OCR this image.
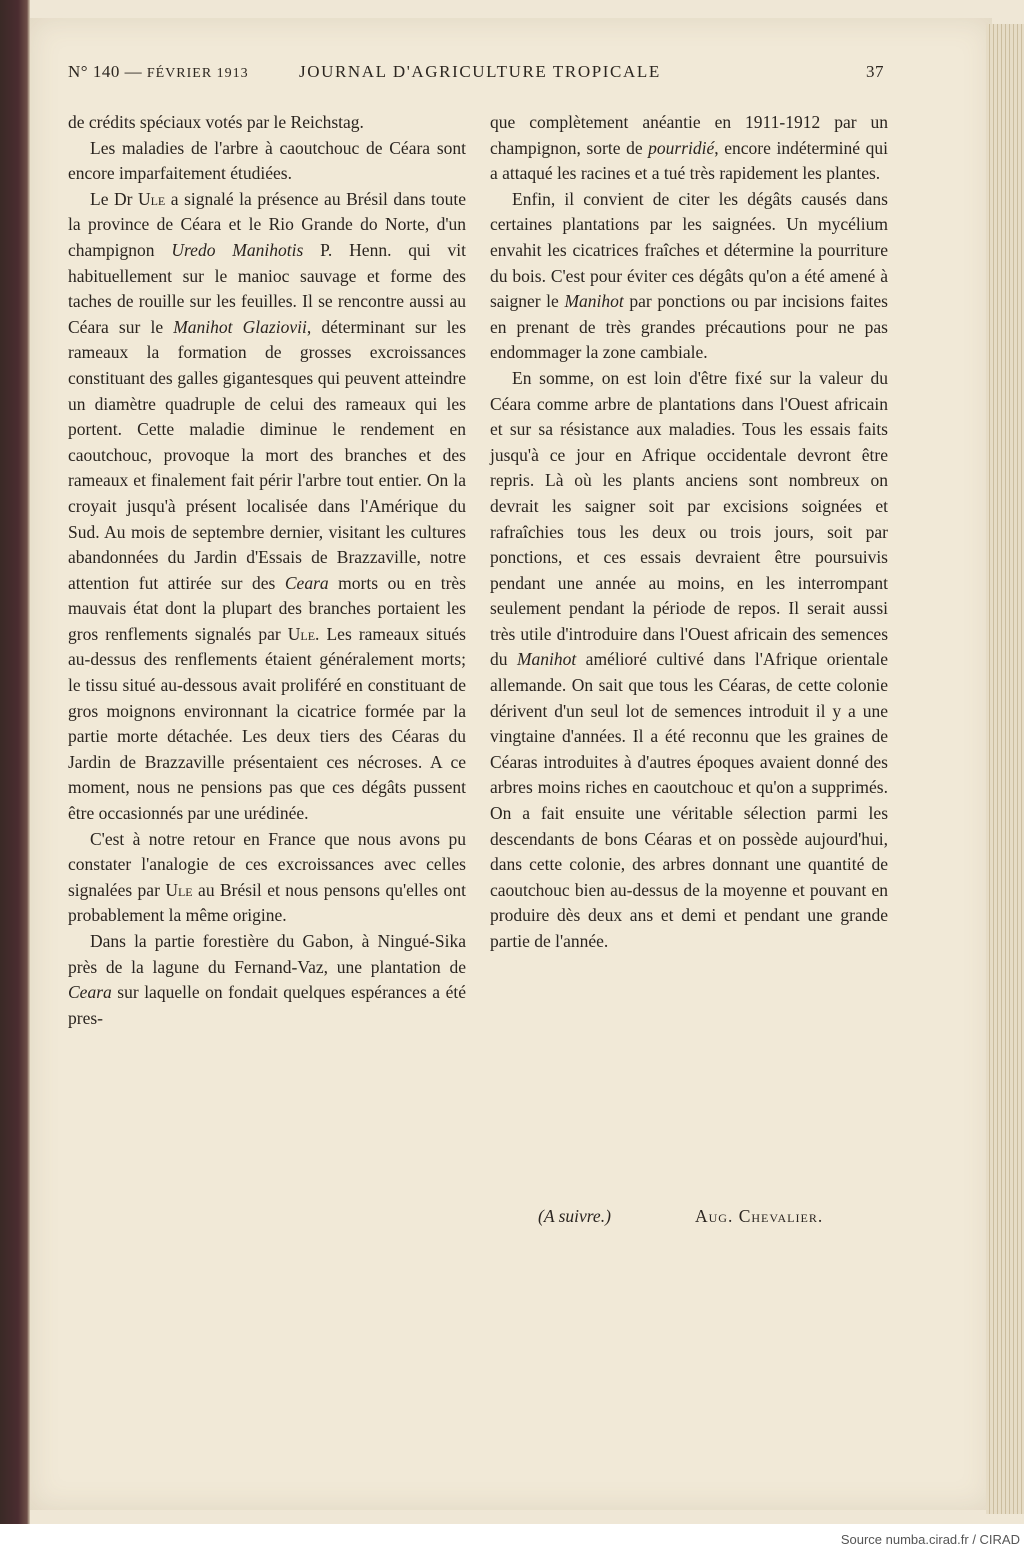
N° 140 — FÉVRIER 1913	JOURNAL D'AGRICULTURE TROPICALE	37

de crédits spéciaux votés par le Reichstag.

Les maladies de l'arbre à caoutchouc de Céara sont encore imparfaitement étudiées.

Le Dr Ule a signalé la présence au Brésil dans toute la province de Céara et le Rio Grande do Norte, d'un champignon Uredo Manihotis P. Henn. qui vit habituellement sur le manioc sauvage et forme des taches de rouille sur les feuilles. Il se rencontre aussi au Céara sur le Manihot Glaziovii, déterminant sur les rameaux la formation de grosses excroissances constituant des galles gigantesques qui peuvent atteindre un diamètre quadruple de celui des rameaux qui les portent. Cette maladie diminue le rendement en caoutchouc, provoque la mort des branches et des rameaux et finalement fait périr l'arbre tout entier. On la croyait jusqu'à présent localisée dans l'Amérique du Sud. Au mois de septembre dernier, visitant les cultures abandonnées du Jardin d'Essais de Brazzaville, notre attention fut attirée sur des Ceara morts ou en très mauvais état dont la plupart des branches portaient les gros renflements signalés par Ule. Les rameaux situés au-dessus des renflements étaient généralement morts; le tissu situé au-dessous avait proliféré en constituant de gros moignons environnant la cicatrice formée par la partie morte détachée. Les deux tiers des Céaras du Jardin de Brazzaville présentaient ces nécroses. A ce moment, nous ne pensions pas que ces dégâts pussent être occasionnés par une urédinée.

C'est à notre retour en France que nous avons pu constater l'analogie de ces excroissances avec celles signalées par Ule au Brésil et nous pensons qu'elles ont probablement la même origine.

Dans la partie forestière du Gabon, à Ningué-Sika près de la lagune du Fernand-Vaz, une plantation de Ceara sur laquelle on fondait quelques espérances a été pres-

que complètement anéantie en 1911-1912 par un champignon, sorte de pourridié, encore indéterminé qui a attaqué les racines et a tué très rapidement les plantes.

Enfin, il convient de citer les dégâts causés dans certaines plantations par les saignées. Un mycélium envahit les cicatrices fraîches et détermine la pourriture du bois. C'est pour éviter ces dégâts qu'on a été amené à saigner le Manihot par ponctions ou par incisions faites en prenant de très grandes précautions pour ne pas endommager la zone cambiale.

En somme, on est loin d'être fixé sur la valeur du Céara comme arbre de plantations dans l'Ouest africain et sur sa résistance aux maladies. Tous les essais faits jusqu'à ce jour en Afrique occidentale devront être repris. Là où les plants anciens sont nombreux on devrait les saigner soit par excisions soignées et rafraîchies tous les deux ou trois jours, soit par ponctions, et ces essais devraient être poursuivis pendant une année au moins, en les interrompant seulement pendant la période de repos. Il serait aussi très utile d'introduire dans l'Ouest africain des semences du Manihot amélioré cultivé dans l'Afrique orientale allemande. On sait que tous les Céaras, de cette colonie dérivent d'un seul lot de semences introduit il y a une vingtaine d'années. Il a été reconnu que les graines de Céaras introduites à d'autres époques avaient donné des arbres moins riches en caoutchouc et qu'on a supprimés. On a fait ensuite une véritable sélection parmi les descendants de bons Céaras et on possède aujourd'hui, dans cette colonie, des arbres donnant une quantité de caoutchouc bien au-dessus de la moyenne et pouvant en produire dès deux ans et demi et pendant une grande partie de l'année.

(A suivre.)	Aug. Chevalier.
Source numba.cirad.fr / CIRAD
